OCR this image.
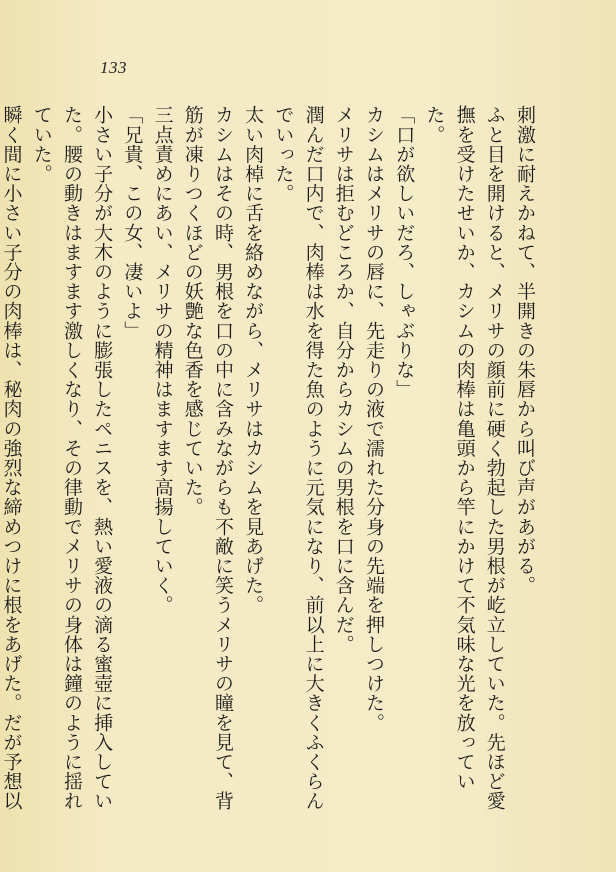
133

刺激に耐えかねて、半開きの朱唇から叫び声があがる。

ふと目を開けると、メリサの顔前に硬く勃起した男根が屹立していた。先ほど愛撫を受けたせいか、カシムの肉棒は亀頭から竿にかけて不気味な光を放っていた。

「口が欲しいだろ、しゃぶりな」

カシムはメリサの唇に、先走りの液で濡れた分身の先端を押しつけた。

メリサは拒むどころか、自分からカシムの男根を口に含んだ。

潤んだ口内で、肉棒は水を得た魚のように元気になり、前以上に大きくふくらんでいった。

太い肉棹に舌を絡めながら、メリサはカシムを見あげた。

カシムはその時、男根を口の中に含みながらも不敵に笑うメリサの瞳を見て、背筋が凍りつくほどの妖艶な色香を感じていた。

三点責めにあい、メリサの精神はますます高揚していく。

「兄貴、この女、凄いよ」

小さい子分が大木のように膨張したペニスを、熱い愛液の滴る蜜壺に挿入していた。腰の動きはますます激しくなり、その律動でメリサの身体は鐘のように揺れていた。

瞬く間に小さい子分の肉棒は、秘肉の強烈な締めつけに根をあげた。だが予想以
